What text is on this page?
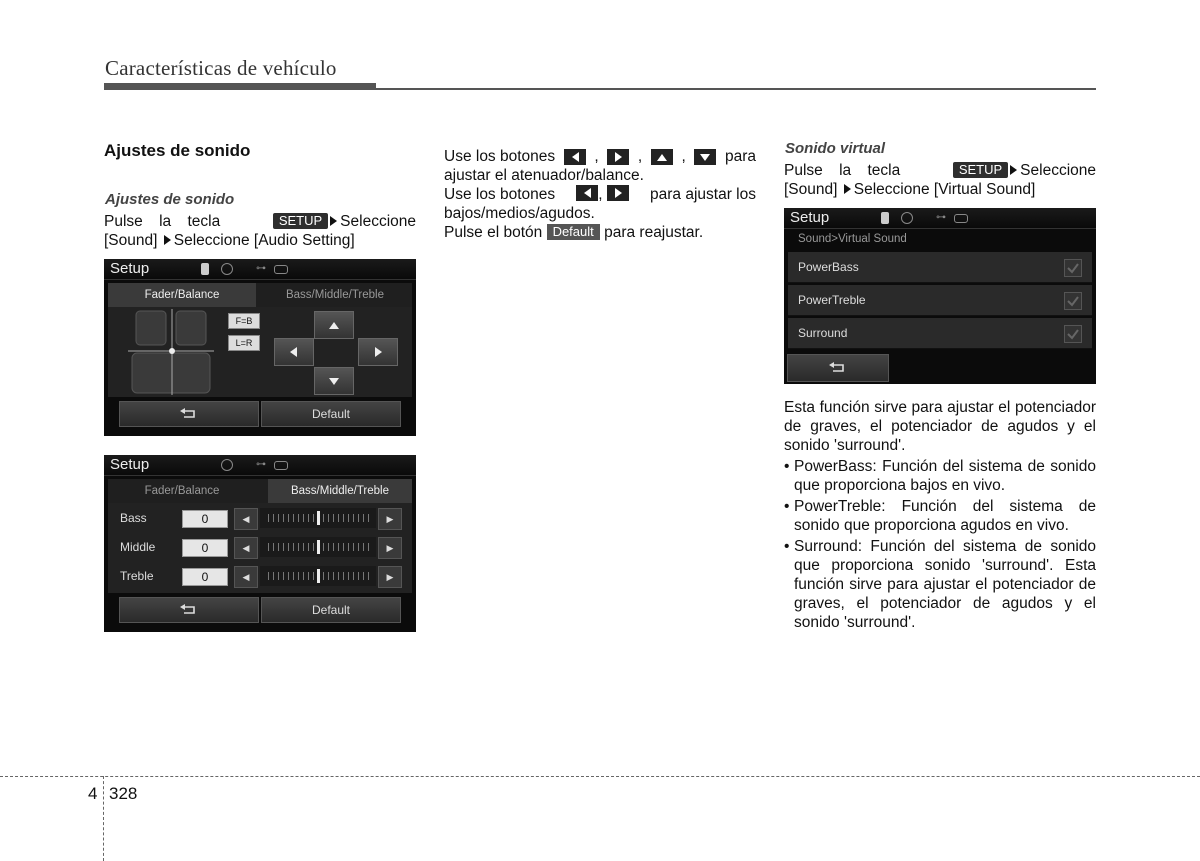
Características de vehículo
Ajustes de sonido
Ajustes de sonido
Pulse la tecla	SETUP Seleccione
[Sound] Seleccione [Audio Setting]
Setup	⊶
Fader/Balance	Bass/Middle/Treble
F=B
L=R
Default
Setup	⊶
Fader/Balance	Bass/Middle/Treble
Bass	0	◀	▶
Middle	0	◀	▶
Treble	0	◀	▶
Default
Use los botones	,	,	,	para
ajustar el atenuador/balance.
Use los botones	,	para ajustar los
bajos/medios/agudos.
Pulse el botón Default para reajustar.
Sonido virtual
Pulse la tecla	SETUP Seleccione
[Sound] Seleccione [Virtual Sound]
Setup	⊶
Sound>Virtual Sound
PowerBass
PowerTreble
Surround
Esta función sirve para ajustar el potenciador de graves, el potenciador de agudos y el sonido 'surround'.
• PowerBass: Función del sistema de sonido que proporciona bajos en vivo.
• PowerTreble: Función del sistema de sonido que proporciona agudos en vivo.
• Surround: Función del sistema de sonido que proporciona sonido 'surround'. Esta función sirve para ajustar el potenciador de graves, el potenciador de agudos y el sonido 'surround'.
4 328
